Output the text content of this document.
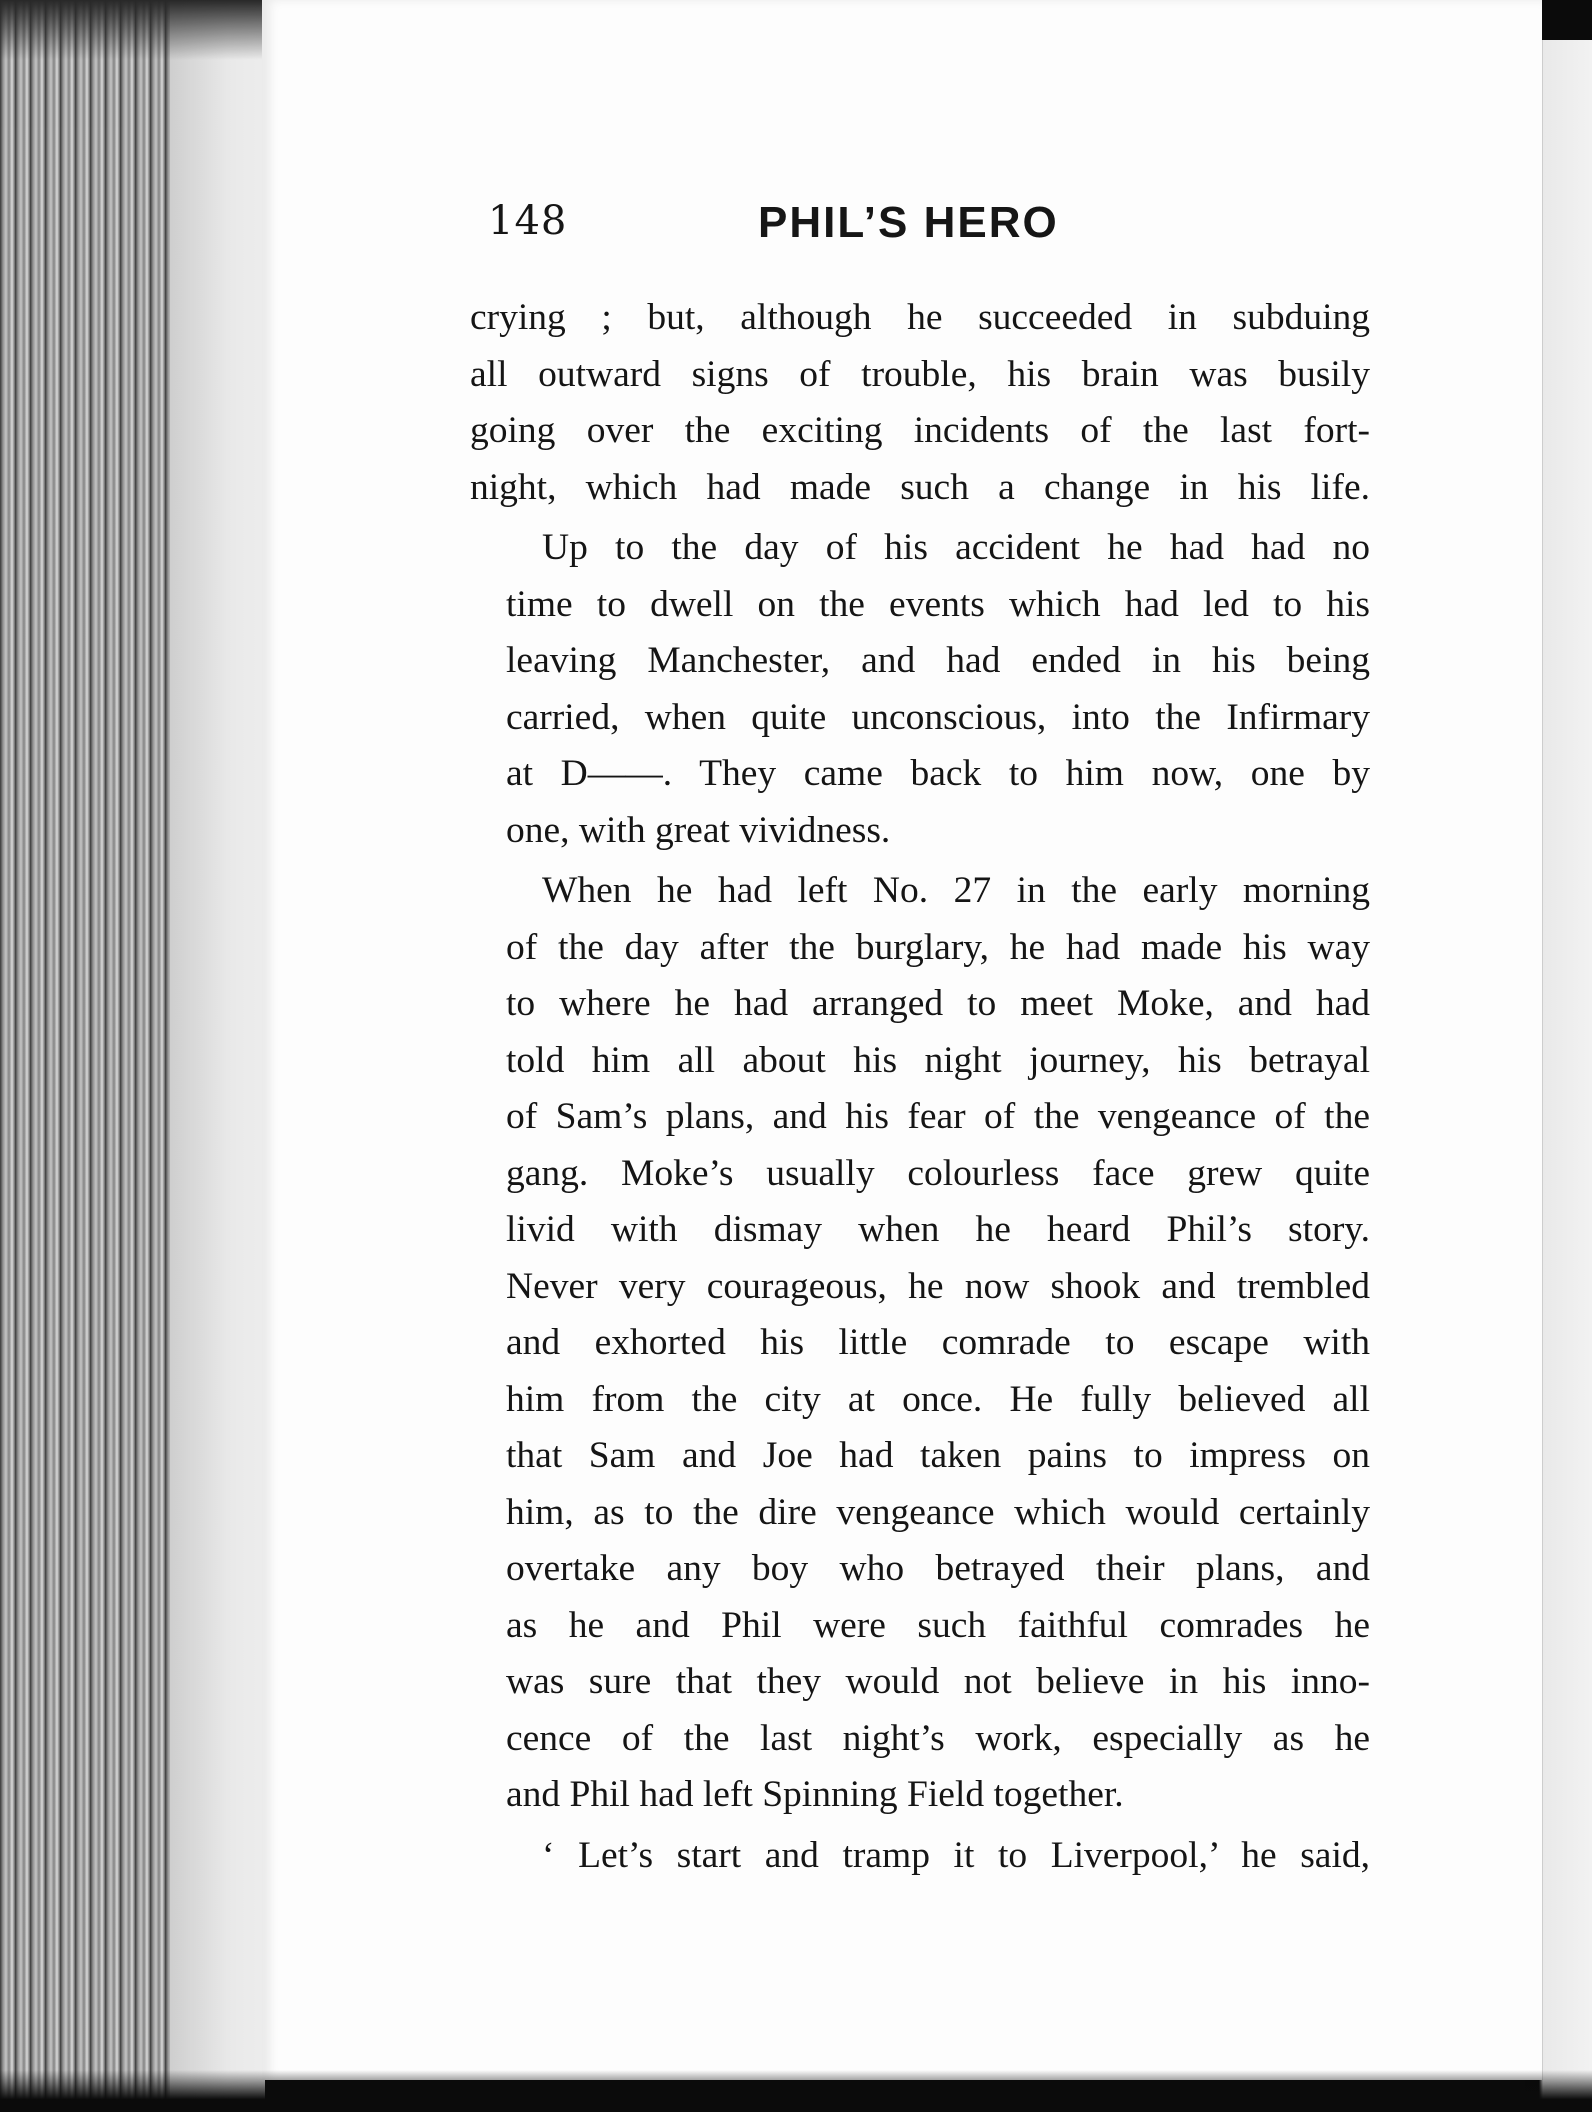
148	PHIL’S HERO

crying ; but, although he succeeded in subduing
all outward signs of trouble, his brain was busily
going over the exciting incidents of the last fort-
night, which had made such a change in his life.

Up to the day of his accident he had had no
time to dwell on the events which had led to his
leaving Manchester, and had ended in his being
carried, when quite unconscious, into the Infirmary
at D——. They came back to him now, one by
one, with great vividness.

When he had left No. 27 in the early morning
of the day after the burglary, he had made his way
to where he had arranged to meet Moke, and had
told him all about his night journey, his betrayal
of Sam’s plans, and his fear of the vengeance of the
gang. Moke’s usually colourless face grew quite
livid with dismay when he heard Phil’s story.
Never very courageous, he now shook and trembled
and exhorted his little comrade to escape with
him from the city at once. He fully believed all
that Sam and Joe had taken pains to impress on
him, as to the dire vengeance which would certainly
overtake any boy who betrayed their plans, and
as he and Phil were such faithful comrades he
was sure that they would not believe in his inno-
cence of the last night’s work, especially as he
and Phil had left Spinning Field together.

‘ Let’s start and tramp it to Liverpool,’ he said,
